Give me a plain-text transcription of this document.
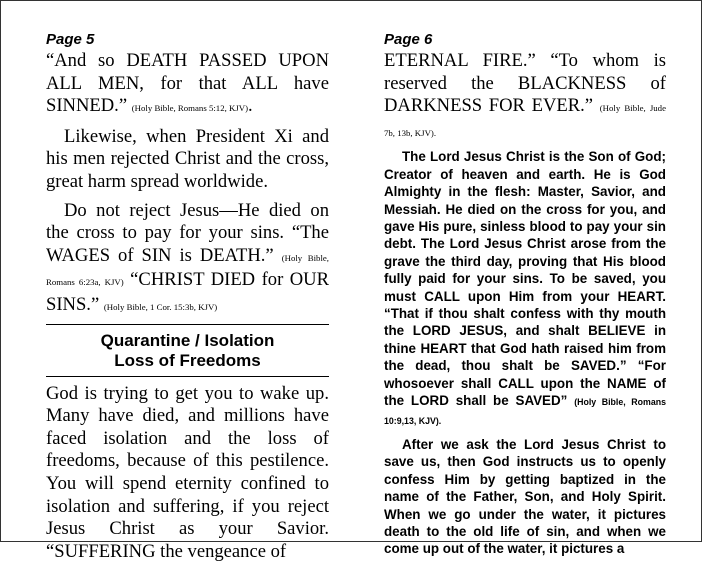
Page 5

“And so DEATH PASSED UPON ALL MEN, for that ALL have SINNED.” (Holy Bible, Romans 5:12, KJV).

Likewise, when President Xi and his men rejected Christ and the cross, great harm spread worldwide.

Do not reject Jesus—He died on the cross to pay for your sins. “The WAGES of SIN is DEATH.” (Holy Bible, Romans 6:23a, KJV) “CHRIST DIED for OUR SINS.” (Holy Bible, 1 Cor. 15:3b, KJV)

Quarantine / Isolation
Loss of Freedoms

God is trying to get you to wake up. Many have died, and millions have faced isolation and the loss of freedoms, because of this pestilence. You will spend eternity confined to isolation and suffering, if you reject Jesus Christ as your Savior. “SUFFERING the vengeance of

Page 6

ETERNAL FIRE.” “To whom is reserved the BLACKNESS of DARKNESS FOR EVER.” (Holy Bible, Jude 7b, 13b, KJV).

The Lord Jesus Christ is the Son of God; Creator of heaven and earth. He is God Almighty in the flesh: Master, Savior, and Messiah. He died on the cross for you, and gave His pure, sinless blood to pay your sin debt. The Lord Jesus Christ arose from the grave the third day, proving that His blood fully paid for your sins. To be saved, you must CALL upon Him from your HEART. “That if thou shalt confess with thy mouth the LORD JESUS, and shalt BELIEVE in thine HEART that God hath raised him from the dead, thou shalt be SAVED.” “For whosoever shall CALL upon the NAME of the LORD shall be SAVED” (Holy Bible, Romans 10:9,13, KJV).

After we ask the Lord Jesus Christ to save us, then God instructs us to openly confess Him by getting baptized in the name of the Father, Son, and Holy Spirit. When we go under the water, it pictures death to the old life of sin, and when we come up out of the water, it pictures a
